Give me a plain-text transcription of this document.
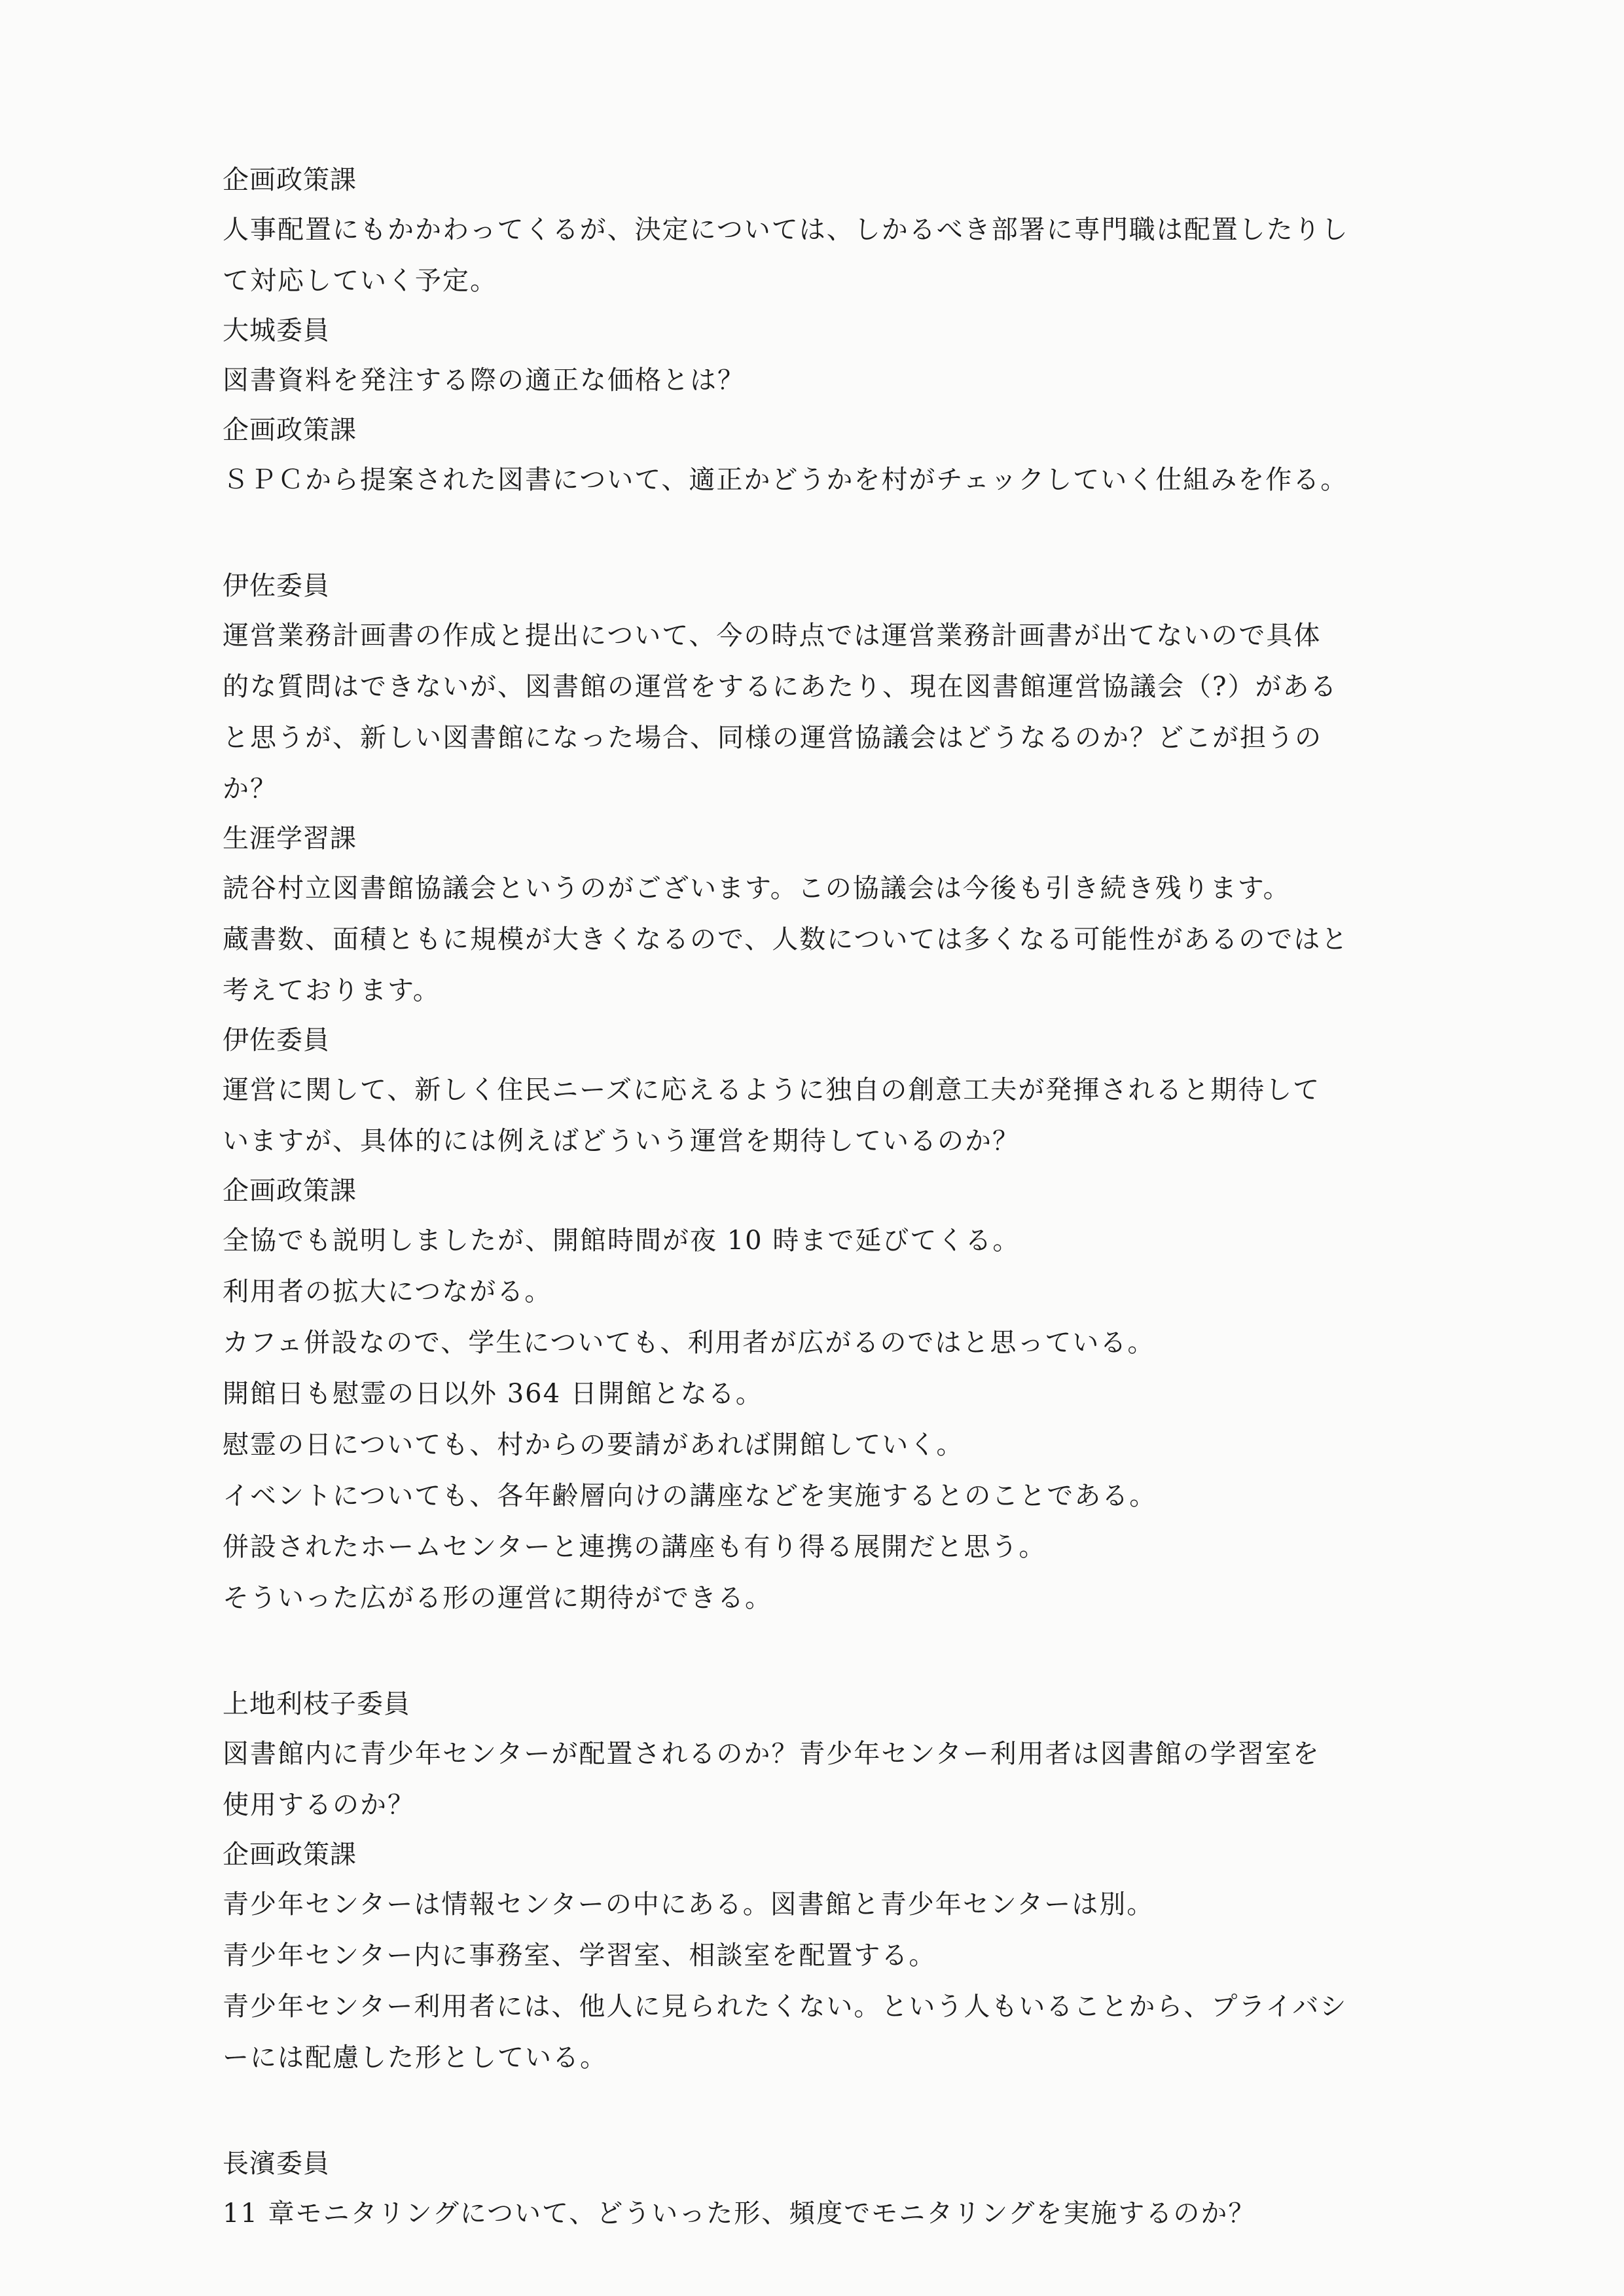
企画政策課

人事配置にもかかわってくるが、決定については、しかるべき部署に専門職は配置したりし

て対応していく予定。

大城委員

図書資料を発注する際の適正な価格とは？

企画政策課

ＳＰＣから提案された図書について、適正かどうかを村がチェックしていく仕組みを作る。

伊佐委員

運営業務計画書の作成と提出について、今の時点では運営業務計画書が出てないので具体

的な質問はできないが、図書館の運営をするにあたり、現在図書館運営協議会（?）がある

と思うが、新しい図書館になった場合、同様の運営協議会はどうなるのか？どこが担うの

か？

生涯学習課

読谷村立図書館協議会というのがございます。この協議会は今後も引き続き残ります。

蔵書数、面積ともに規模が大きくなるので、人数については多くなる可能性があるのではと

考えております。

伊佐委員

運営に関して、新しく住民ニーズに応えるように独自の創意工夫が発揮されると期待して

いますが、具体的には例えばどういう運営を期待しているのか？

企画政策課

全協でも説明しましたが、開館時間が夜 10 時まで延びてくる。

利用者の拡大につながる。

カフェ併設なので、学生についても、利用者が広がるのではと思っている。

開館日も慰霊の日以外 364 日開館となる。

慰霊の日についても、村からの要請があれば開館していく。

イベントについても、各年齢層向けの講座などを実施するとのことである。

併設されたホームセンターと連携の講座も有り得る展開だと思う。

そういった広がる形の運営に期待ができる。

上地利枝子委員

図書館内に青少年センターが配置されるのか？青少年センター利用者は図書館の学習室を

使用するのか？

企画政策課

青少年センターは情報センターの中にある。図書館と青少年センターは別。

青少年センター内に事務室、学習室、相談室を配置する。

青少年センター利用者には、他人に見られたくない。という人もいることから、プライバシ

ーには配慮した形としている。

長濱委員

11 章モニタリングについて、どういった形、頻度でモニタリングを実施するのか？
